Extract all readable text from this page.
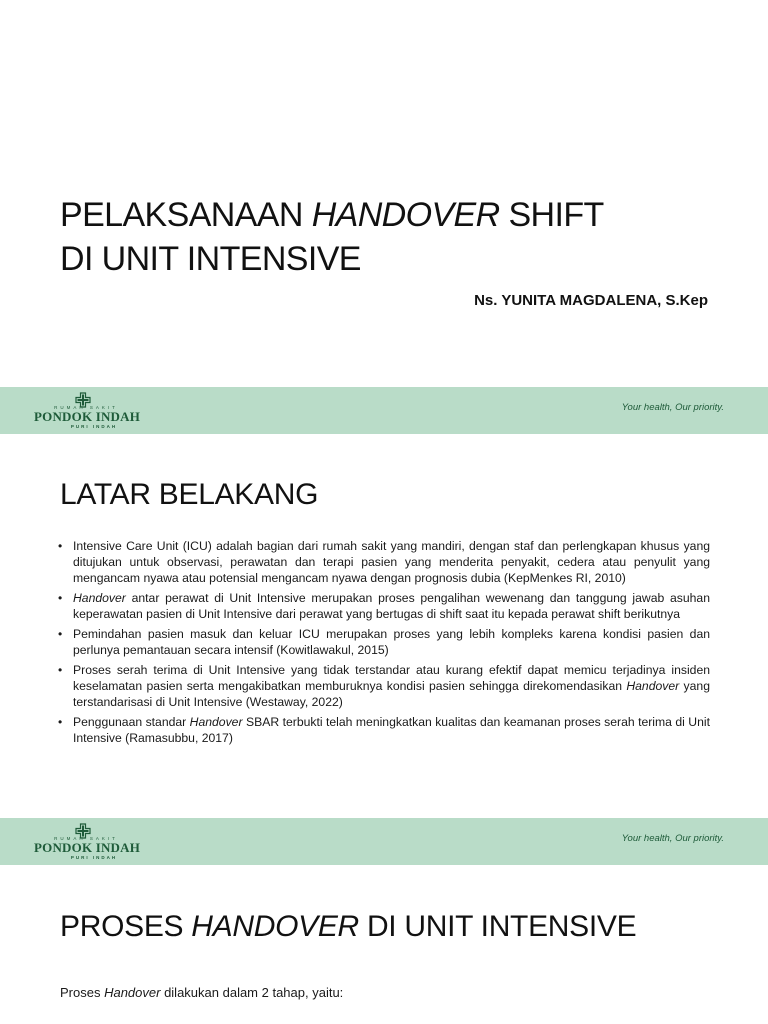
PELAKSANAAN HANDOVER SHIFT
DI UNIT INTENSIVE
Ns. YUNITA MAGDALENA, S.Kep
RUMAH SAKIT
PONDOK INDAH
PURI INDAH
Your health, Our priority.
LATAR BELAKANG
• Intensive Care Unit (ICU) adalah bagian dari rumah sakit yang mandiri, dengan staf dan perlengkapan khusus yang ditujukan untuk observasi, perawatan dan terapi pasien yang menderita penyakit, cedera atau penyulit yang mengancam nyawa atau potensial mengancam nyawa dengan prognosis dubia (KepMenkes RI, 2010)
• Handover antar perawat di Unit Intensive merupakan proses pengalihan wewenang dan tanggung jawab asuhan keperawatan pasien di Unit Intensive dari perawat yang bertugas di shift saat itu kepada perawat shift berikutnya
• Pemindahan pasien masuk dan keluar ICU merupakan proses yang lebih kompleks karena kondisi pasien dan perlunya pemantauan secara intensif (Kowitlawakul, 2015)
• Proses serah terima di Unit Intensive yang tidak terstandar atau kurang efektif dapat memicu terjadinya insiden keselamatan pasien serta mengakibatkan memburuknya kondisi pasien sehingga direkomendasikan Handover yang terstandarisasi di Unit Intensive (Westaway, 2022)
• Penggunaan standar Handover SBAR terbukti telah meningkatkan kualitas dan keamanan proses serah terima di Unit Intensive (Ramasubbu, 2017)
RUMAH SAKIT
PONDOK INDAH
PURI INDAH
Your health, Our priority.
PROSES HANDOVER DI UNIT INTENSIVE
Proses Handover dilakukan dalam 2 tahap, yaitu:
